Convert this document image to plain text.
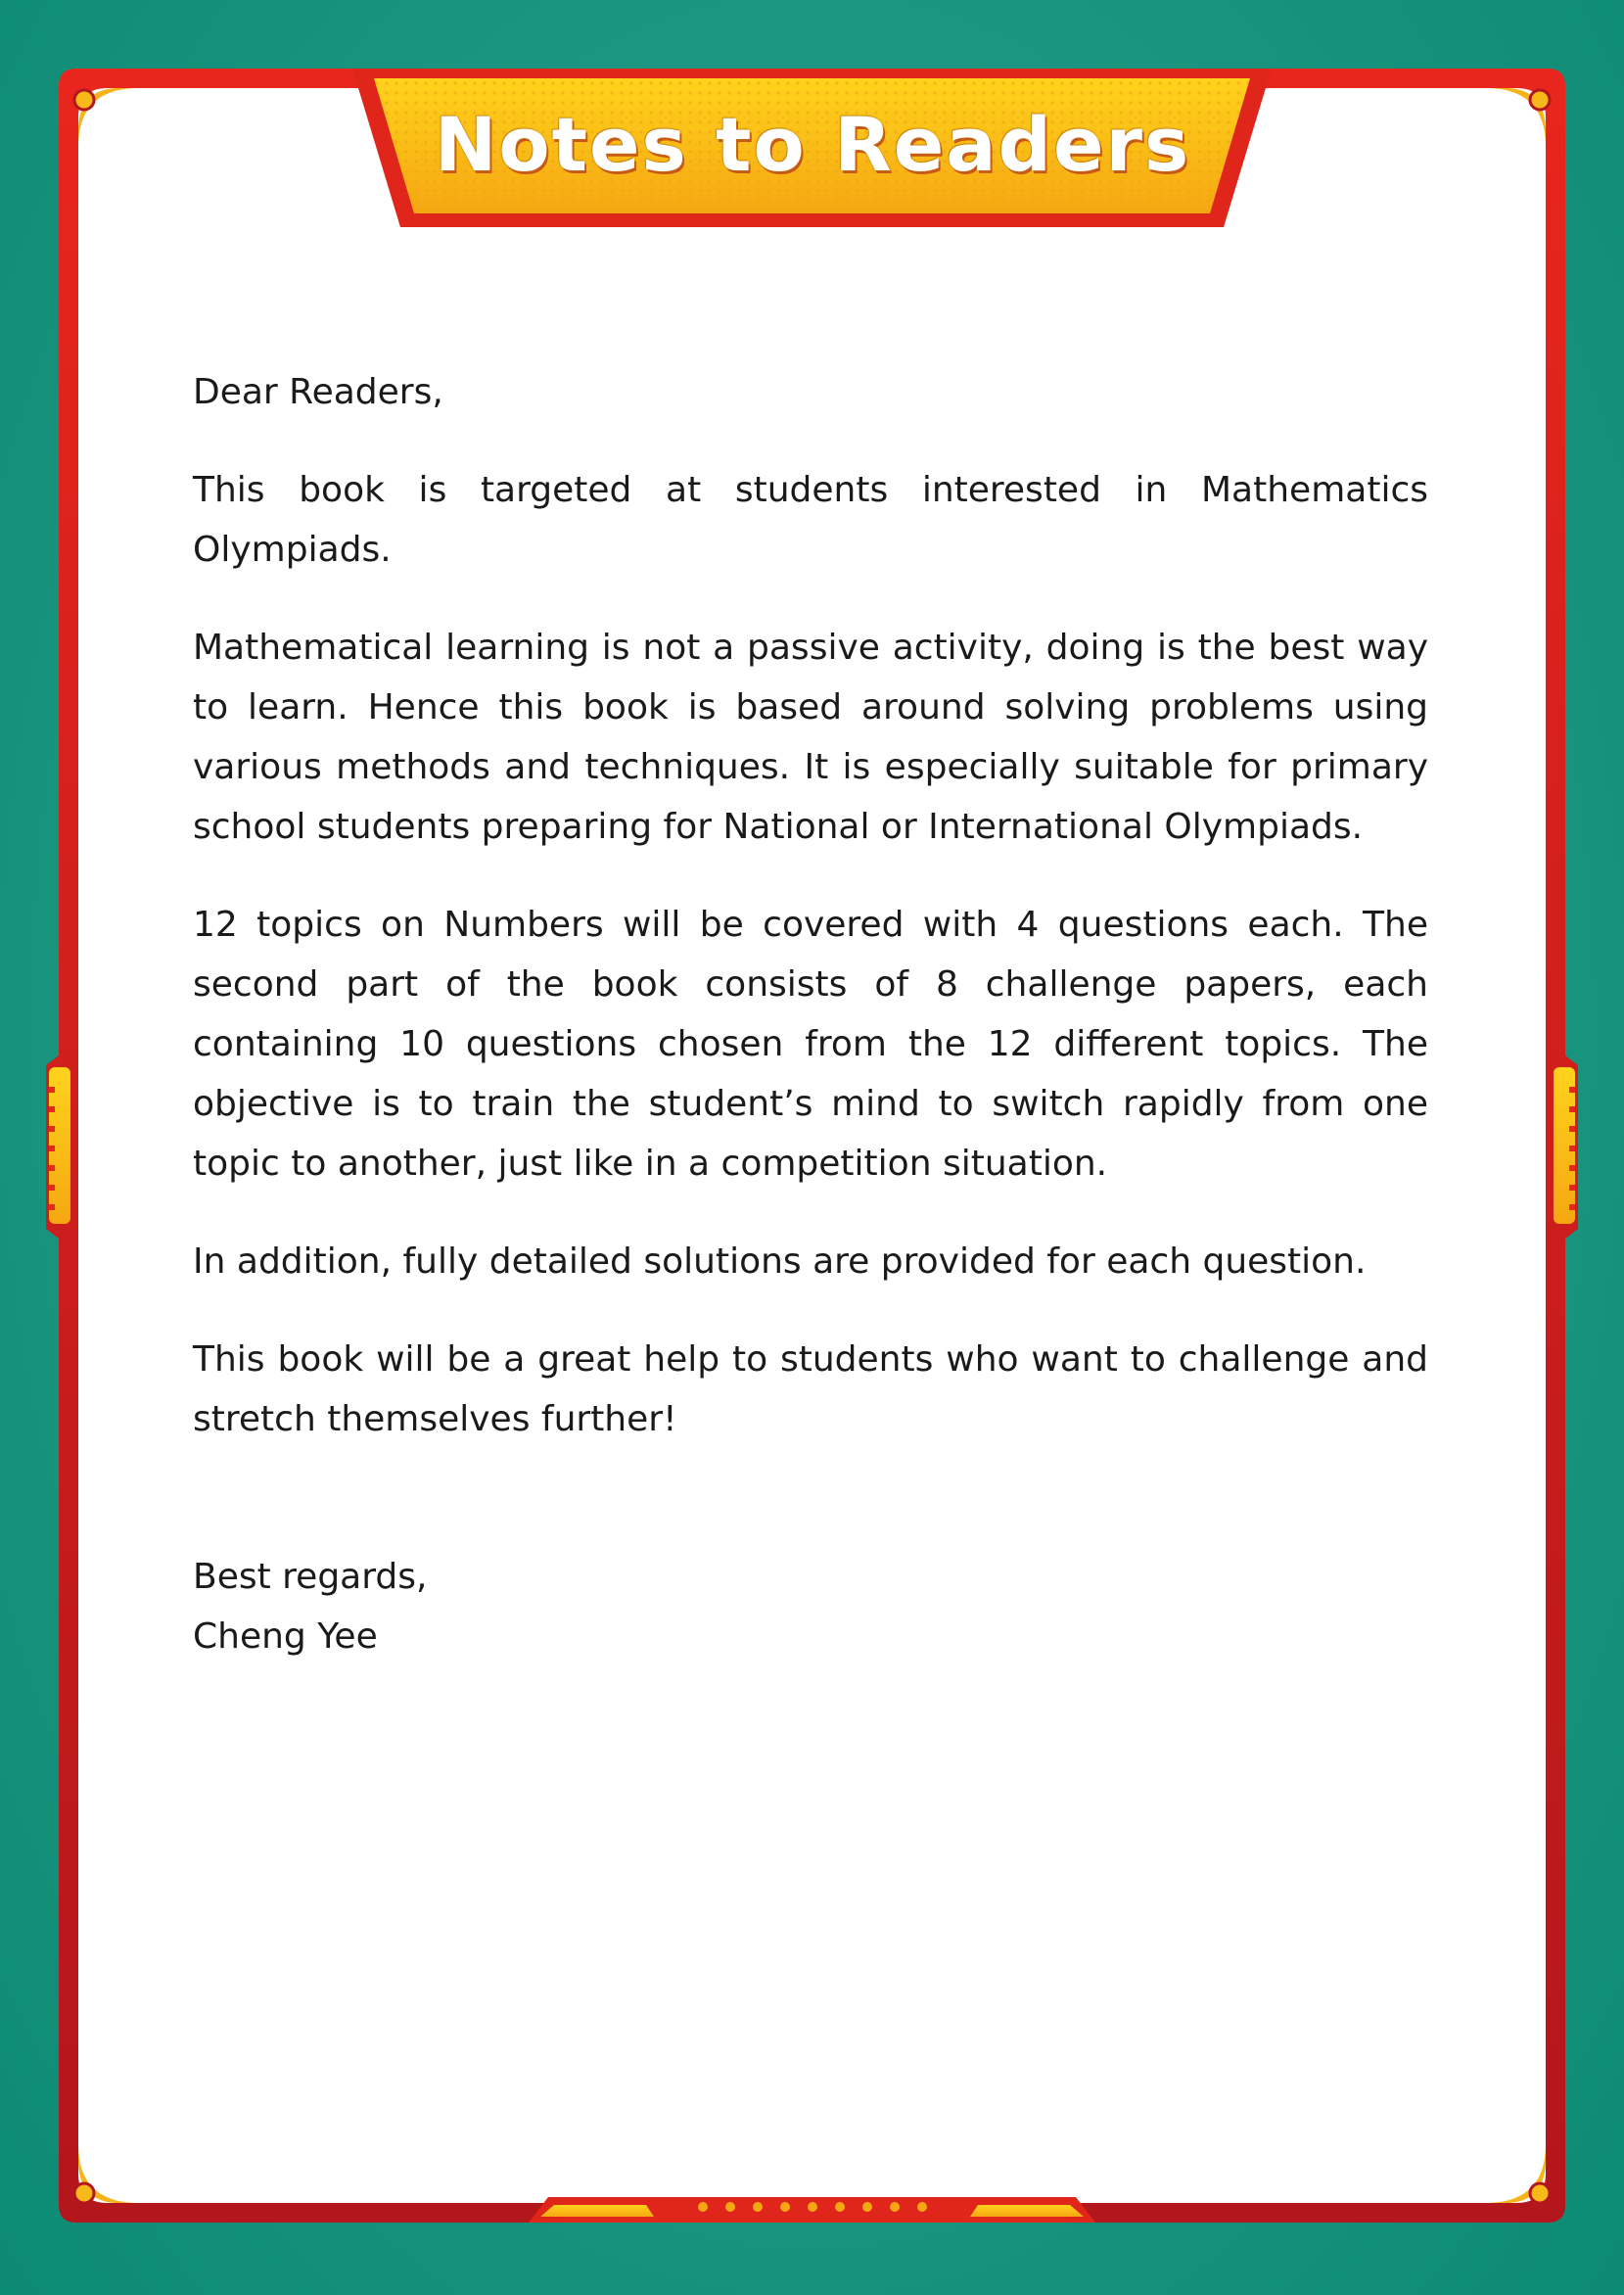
Notes to Readers

Dear Readers,

This book is targeted at students interested in Mathematics Olympiads.

Mathematical learning is not a passive activity, doing is the best way to learn. Hence this book is based around solving problems using various methods and techniques. It is especially suitable for primary school students preparing for National or International Olympiads.

12 topics on Numbers will be covered with 4 questions each. The second part of the book consists of 8 challenge papers, each containing 10 questions chosen from the 12 different topics. The objective is to train the student’s mind to switch rapidly from one topic to another, just like in a competition situation.

In addition, fully detailed solutions are provided for each question.

This book will be a great help to students who want to challenge and stretch themselves further!

Best regards,
Cheng Yee
